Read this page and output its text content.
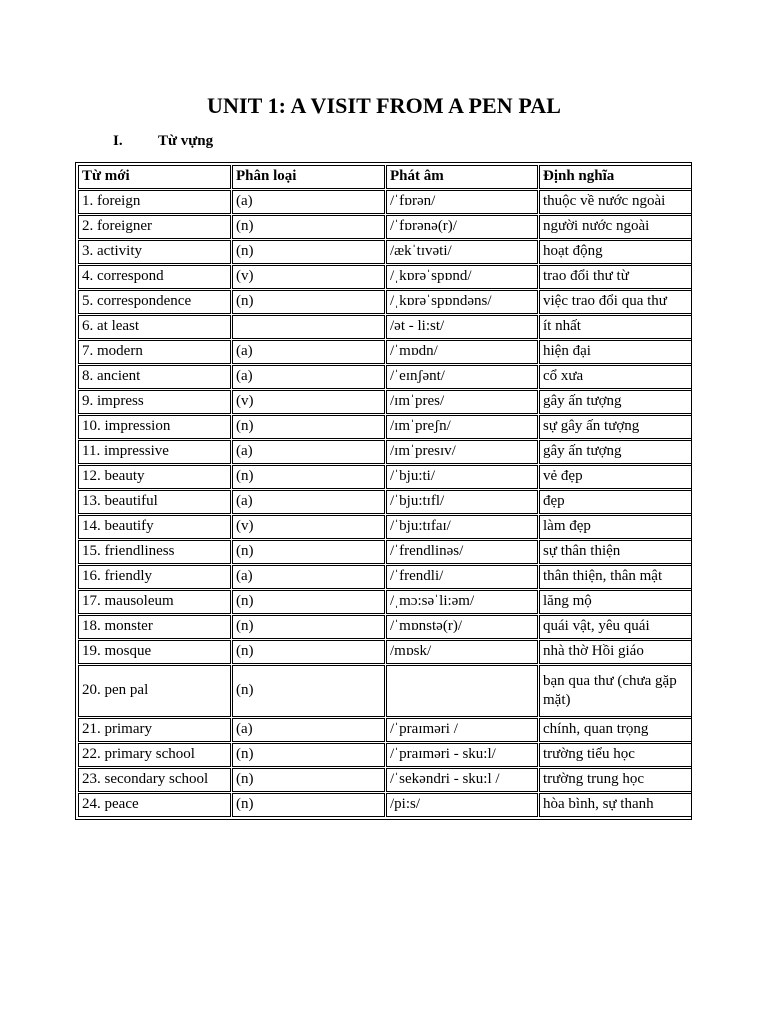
UNIT 1: A VISIT FROM A PEN PAL
I. Từ vựng
Từ mới	Phân loại	Phát âm	Định nghĩa
1. foreign	(a)	/ˈfɒrən/	thuộc về nước ngoài
2. foreigner	(n)	/ˈfɒrənə(r)/	người nước ngoài
3. activity	(n)	/ækˈtɪvəti/	hoạt động
4. correspond	(v)	/ˌkɒrəˈspɒnd/	trao đổi thư từ
5. correspondence	(n)	/ˌkɒrəˈspɒndəns/	việc trao đổi qua thư
6. at least		/ət - li:st/	ít nhất
7. modern	(a)	/ˈmɒdn/	hiện đại
8. ancient	(a)	/ˈeɪnʃənt/	cổ xưa
9. impress	(v)	/ɪmˈpres/	gây ấn tượng
10. impression	(n)	/ɪmˈpreʃn/	sự gây ấn tượng
11. impressive	(a)	/ɪmˈpresɪv/	gây ấn tượng
12. beauty	(n)	/ˈbju:ti/	vẻ đẹp
13. beautiful	(a)	/ˈbju:tɪfl/	đẹp
14. beautify	(v)	/ˈbju:tɪfaɪ/	làm đẹp
15. friendliness	(n)	/ˈfrendlinəs/	sự thân thiện
16. friendly	(a)	/ˈfrendli/	thân thiện, thân mật
17. mausoleum	(n)	/ˌmɔ:səˈli:əm/	lăng mộ
18. monster	(n)	/ˈmɒnstə(r)/	quái vật, yêu quái
19. mosque	(n)	/mɒsk/	nhà thờ Hồi giáo
20. pen pal	(n)		bạn qua thư (chưa gặp mặt)
21. primary	(a)	/ˈpraɪməri /	chính, quan trọng
22. primary school	(n)	/ˈpraɪməri - sku:l/	trường tiểu học
23. secondary school	(n)	/ˈsekəndri - sku:l /	trường trung học
24. peace	(n)	/pi:s/	hòa bình, sự thanh
